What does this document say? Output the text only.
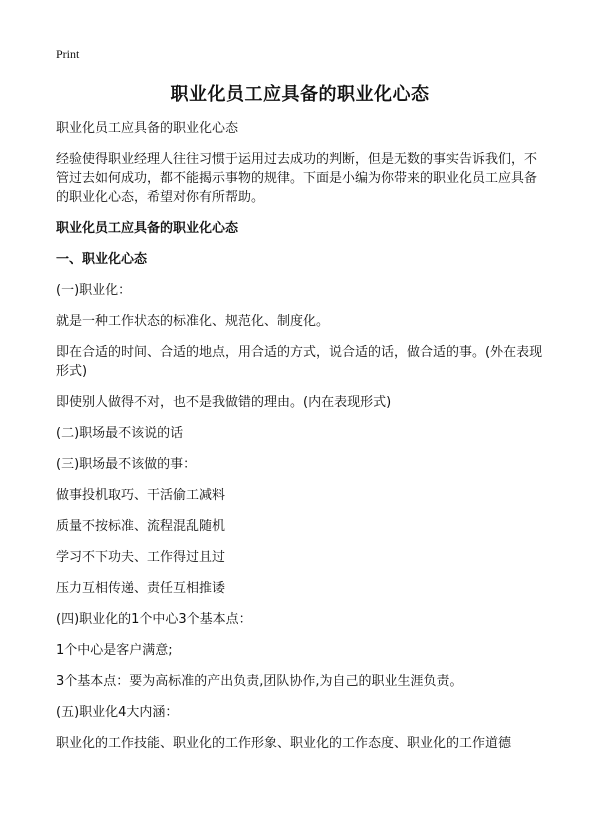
Print
职业化员工应具备的职业化心态

职业化员工应具备的职业化心态

经验使得职业经理人往往习惯于运用过去成功的判断，但是无数的事实告诉我们，不管过去如何成功，都不能揭示事物的规律。下面是小编为你带来的职业化员工应具备的职业化心态，希望对你有所帮助。

职业化员工应具备的职业化心态

一、职业化心态

(一)职业化：

就是一种工作状态的标准化、规范化、制度化。

即在合适的时间、合适的地点，用合适的方式，说合适的话，做合适的事。(外在表现形式)

即使别人做得不对，也不是我做错的理由。(内在表现形式)

(二)职场最不该说的话

(三)职场最不该做的事：

做事投机取巧、干活偷工减料

质量不按标准、流程混乱随机

学习不下功夫、工作得过且过

压力互相传递、责任互相推诿

(四)职业化的1个中心3个基本点：

1个中心是客户满意;

3个基本点：要为高标准的产出负责,团队协作,为自己的职业生涯负责。

(五)职业化4大内涵：

职业化的工作技能、职业化的工作形象、职业化的工作态度、职业化的工作道德
